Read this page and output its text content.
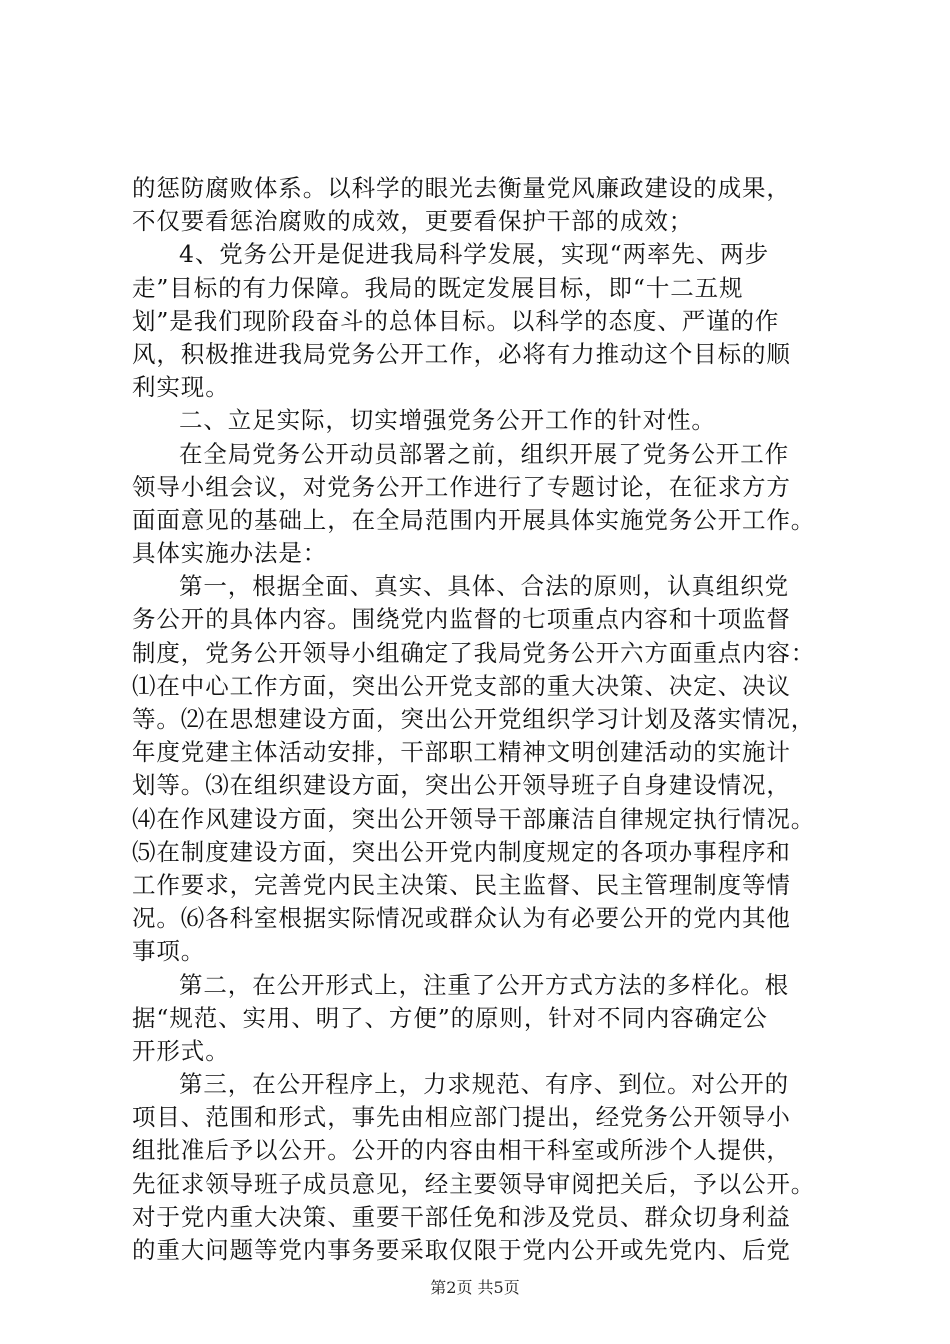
的惩防腐败体系。以科学的眼光去衡量党风廉政建设的成果，
不仅要看惩治腐败的成效，更要看保护干部的成效；
4、党务公开是促进我局科学发展，实现“两率先、两步
走”目标的有力保障。我局的既定发展目标，即“十二五规
划”是我们现阶段奋斗的总体目标。以科学的态度、严谨的作
风，积极推进我局党务公开工作，必将有力推动这个目标的顺
利实现。
二、立足实际，切实增强党务公开工作的针对性。
在全局党务公开动员部署之前，组织开展了党务公开工作
领导小组会议，对党务公开工作进行了专题讨论，在征求方方
面面意见的基础上，在全局范围内开展具体实施党务公开工作。
具体实施办法是：
第一，根据全面、真实、具体、合法的原则，认真组织党
务公开的具体内容。围绕党内监督的七项重点内容和十项监督
制度，党务公开领导小组确定了我局党务公开六方面重点内容：
⑴在中心工作方面，突出公开党支部的重大决策、决定、决议
等。⑵在思想建设方面，突出公开党组织学习计划及落实情况，
年度党建主体活动安排，干部职工精神文明创建活动的实施计
划等。⑶在组织建设方面，突出公开领导班子自身建设情况，
⑷在作风建设方面，突出公开领导干部廉洁自律规定执行情况。
⑸在制度建设方面，突出公开党内制度规定的各项办事程序和
工作要求，完善党内民主决策、民主监督、民主管理制度等情
况。⑹各科室根据实际情况或群众认为有必要公开的党内其他
事项。
第二，在公开形式上，注重了公开方式方法的多样化。根
据“规范、实用、明了、方便”的原则，针对不同内容确定公
开形式。
第三，在公开程序上，力求规范、有序、到位。对公开的
项目、范围和形式，事先由相应部门提出，经党务公开领导小
组批准后予以公开。公开的内容由相干科室或所涉个人提供，
先征求领导班子成员意见，经主要领导审阅把关后，予以公开。
对于党内重大决策、重要干部任免和涉及党员、群众切身利益
的重大问题等党内事务要采取仅限于党内公开或先党内、后党
第2页 共5页
